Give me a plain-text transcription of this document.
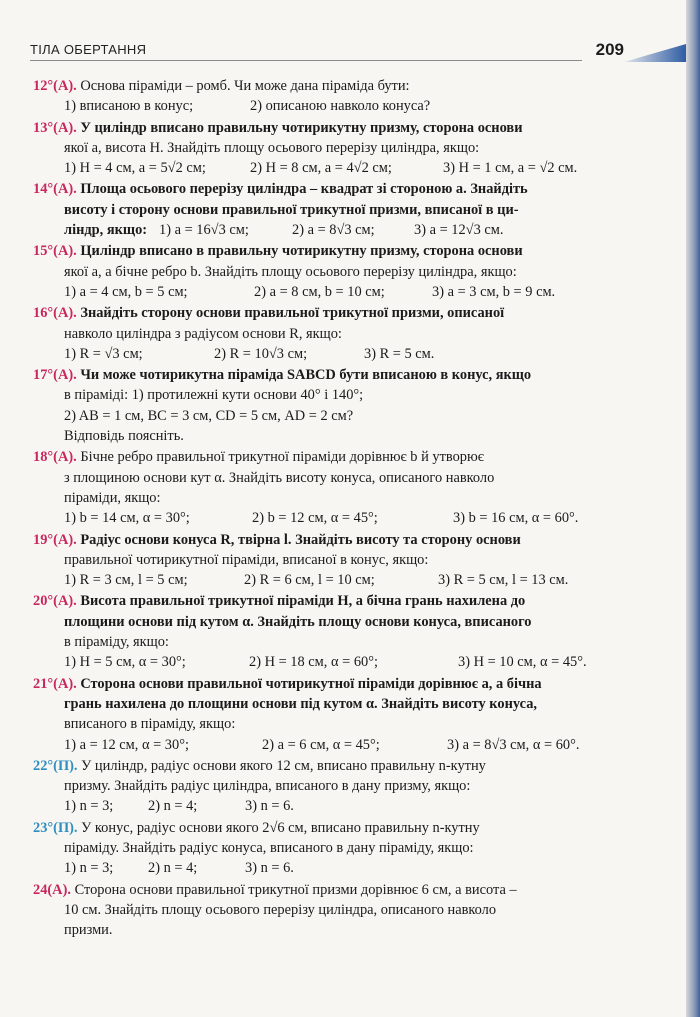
ТІЛА ОБЕРТАННЯ	209
12°(А). Основа піраміди – ромб. Чи може дана піраміда бути:
1) вписаною в конус;	2) описаною навколо конуса?
13°(А). У циліндр вписано правильну чотирикутну призму, сторона основи
якої a, висота H. Знайдіть площу осьового перерізу циліндра, якщо:
1) H = 4 см, a = 5√2 см;	2) H = 8 см, a = 4√2 см;	3) H = 1 см, a = √2 см.
14°(А). Площа осьового перерізу циліндра – квадрат зі стороною a. Знайдіть
висоту і сторону основи правильної трикутної призми, вписаної в ци-
ліндр, якщо: 1) a = 16√3 см;	2) a = 8√3 см;	3) a = 12√3 см.
15°(А). Циліндр вписано в правильну чотирикутну призму, сторона основи
якої a, а бічне ребро b. Знайдіть площу осьового перерізу циліндра, якщо:
1) a = 4 см, b = 5 см;	2) a = 8 см, b = 10 см;	3) a = 3 см, b = 9 см.
16°(А). Знайдіть сторону основи правильної трикутної призми, описаної
навколо циліндра з радіусом основи R, якщо:
1) R = √3 см;	2) R = 10√3 см;	3) R = 5 см.
17°(А). Чи може чотирикутна піраміда SABCD бути вписаною в конус, якщо
в піраміді: 1) протилежні кути основи 40° і 140°;
2) AB = 1 см, BC = 3 см, CD = 5 см, AD = 2 см?
Відповідь поясніть.
18°(А). Бічне ребро правильної трикутної піраміди дорівнює b й утворює
з площиною основи кут α. Знайдіть висоту конуса, описаного навколо
піраміди, якщо:
1) b = 14 см, α = 30°;	2) b = 12 см, α = 45°;	3) b = 16 см, α = 60°.
19°(А). Радіус основи конуса R, твірна l. Знайдіть висоту та сторону основи
правильної чотирикутної піраміди, вписаної в конус, якщо:
1) R = 3 см, l = 5 см;	2) R = 6 см, l = 10 см;	3) R = 5 см, l = 13 см.
20°(А). Висота правильної трикутної піраміди H, а бічна грань нахилена до
площини основи під кутом α. Знайдіть площу основи конуса, вписаного
в піраміду, якщо:
1) H = 5 см, α = 30°;	2) H = 18 см, α = 60°;	3) H = 10 см, α = 45°.
21°(А). Сторона основи правильної чотирикутної піраміди дорівнює a, а бічна
грань нахилена до площини основи під кутом α. Знайдіть висоту конуса,
вписаного в піраміду, якщо:
1) a = 12 см, α = 30°;	2) a = 6 см, α = 45°;	3) a = 8√3 см, α = 60°.
22°(П). У циліндр, радіус основи якого 12 см, вписано правильну n-кутну
призму. Знайдіть радіус циліндра, вписаного в дану призму, якщо:
1) n = 3;	2) n = 4;	3) n = 6.
23°(П). У конус, радіус основи якого 2√6 см, вписано правильну n-кутну
піраміду. Знайдіть радіус конуса, вписаного в дану піраміду, якщо:
1) n = 3;	2) n = 4;	3) n = 6.
24(А). Сторона основи правильної трикутної призми дорівнює 6 см, а висота –
10 см. Знайдіть площу осьового перерізу циліндра, описаного навколо
призми.
